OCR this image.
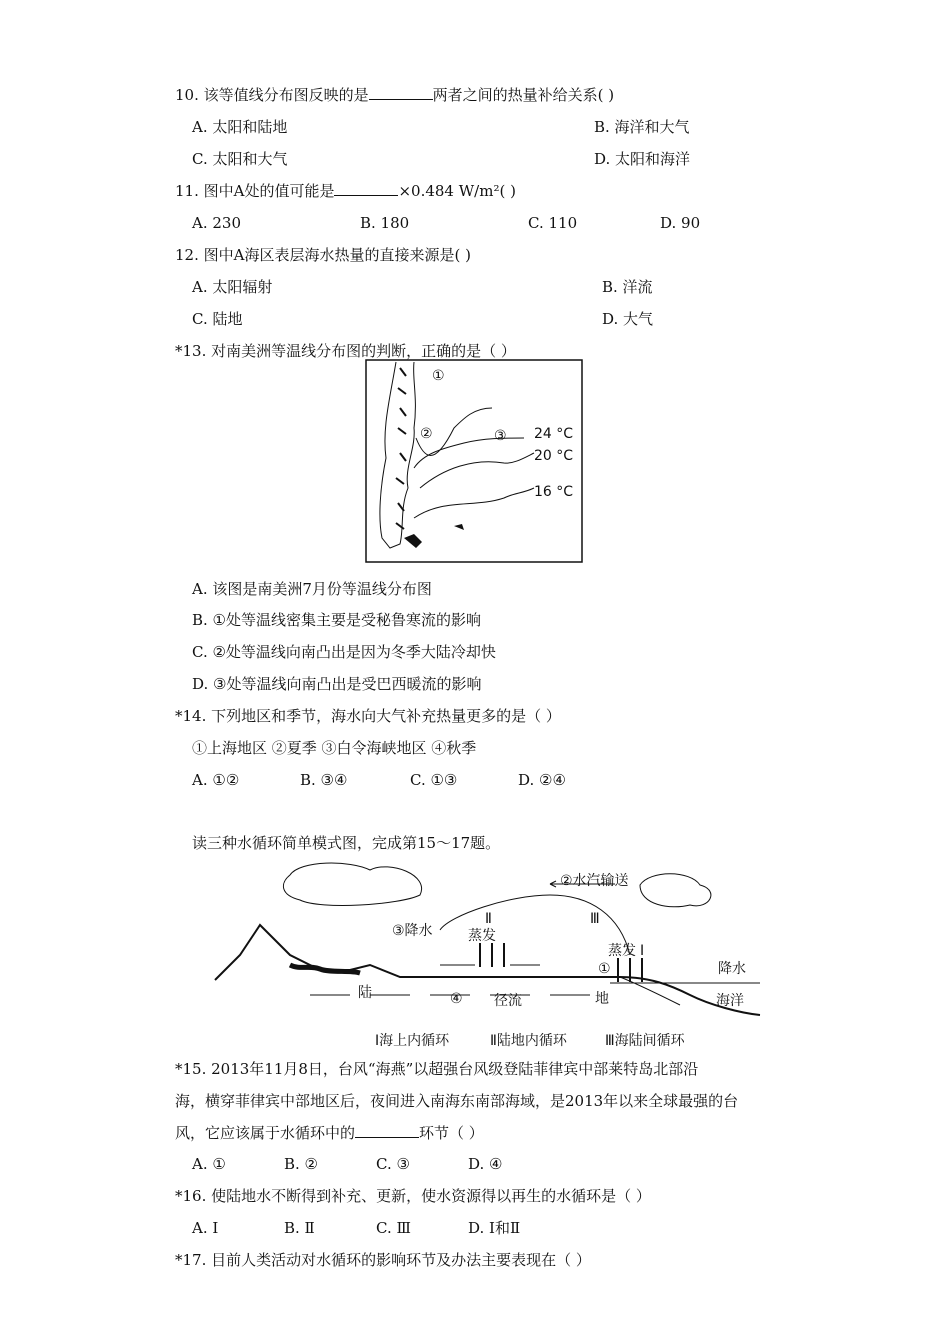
10. 该等值线分布图反映的是	两者之间的热量补给关系( )
A. 太阳和陆地	B. 海洋和大气
C. 太阳和大气	D. 太阳和海洋
11. 图中A处的值可能是	×0.484 W/m²( )
A. 230	B. 180	C. 110	D. 90
12. 图中A海区表层海水热量的直接来源是( )
A. 太阳辐射	B. 洋流
C. 陆地	D. 大气
*13. 对南美洲等温线分布图的判断，正确的是（ ）
①
②	③ 24 °C
20 °C
16 °C
A. 该图是南美洲7月份等温线分布图
B. ①处等温线密集主要是受秘鲁寒流的影响
C. ②处等温线向南凸出是因为冬季大陆冷却快
D. ③处等温线向南凸出是受巴西暖流的影响
*14. 下列地区和季节，海水向大气补充热量更多的是（ ）
①上海地区 ②夏季 ③白令海峡地区 ④秋季
A. ①②	B. ③④	C. ①③	D. ②④
读三种水循环简单模式图，完成第15～17题。
②水汽输送
③降水	蒸发
蒸发
Ⅱ	Ⅲ
Ⅰ
①
④
降水
海洋
陆	径流	地
Ⅰ海上内循环	Ⅱ陆地内循环	Ⅲ海陆间循环
*15. 2013年11月8日，台风“海燕”以超强台风级登陆菲律宾中部莱特岛北部沿
海，横穿菲律宾中部地区后，夜间进入南海东南部海域，是2013年以来全球最强的台
风，它应该属于水循环中的	环节（ ）
A. ①	B. ②	C. ③	D. ④
*16. 使陆地水不断得到补充、更新，使水资源得以再生的水循环是（ ）
A. Ⅰ	B. Ⅱ	C. Ⅲ	D. Ⅰ和Ⅱ
*17. 目前人类活动对水循环的影响环节及办法主要表现在（ ）
